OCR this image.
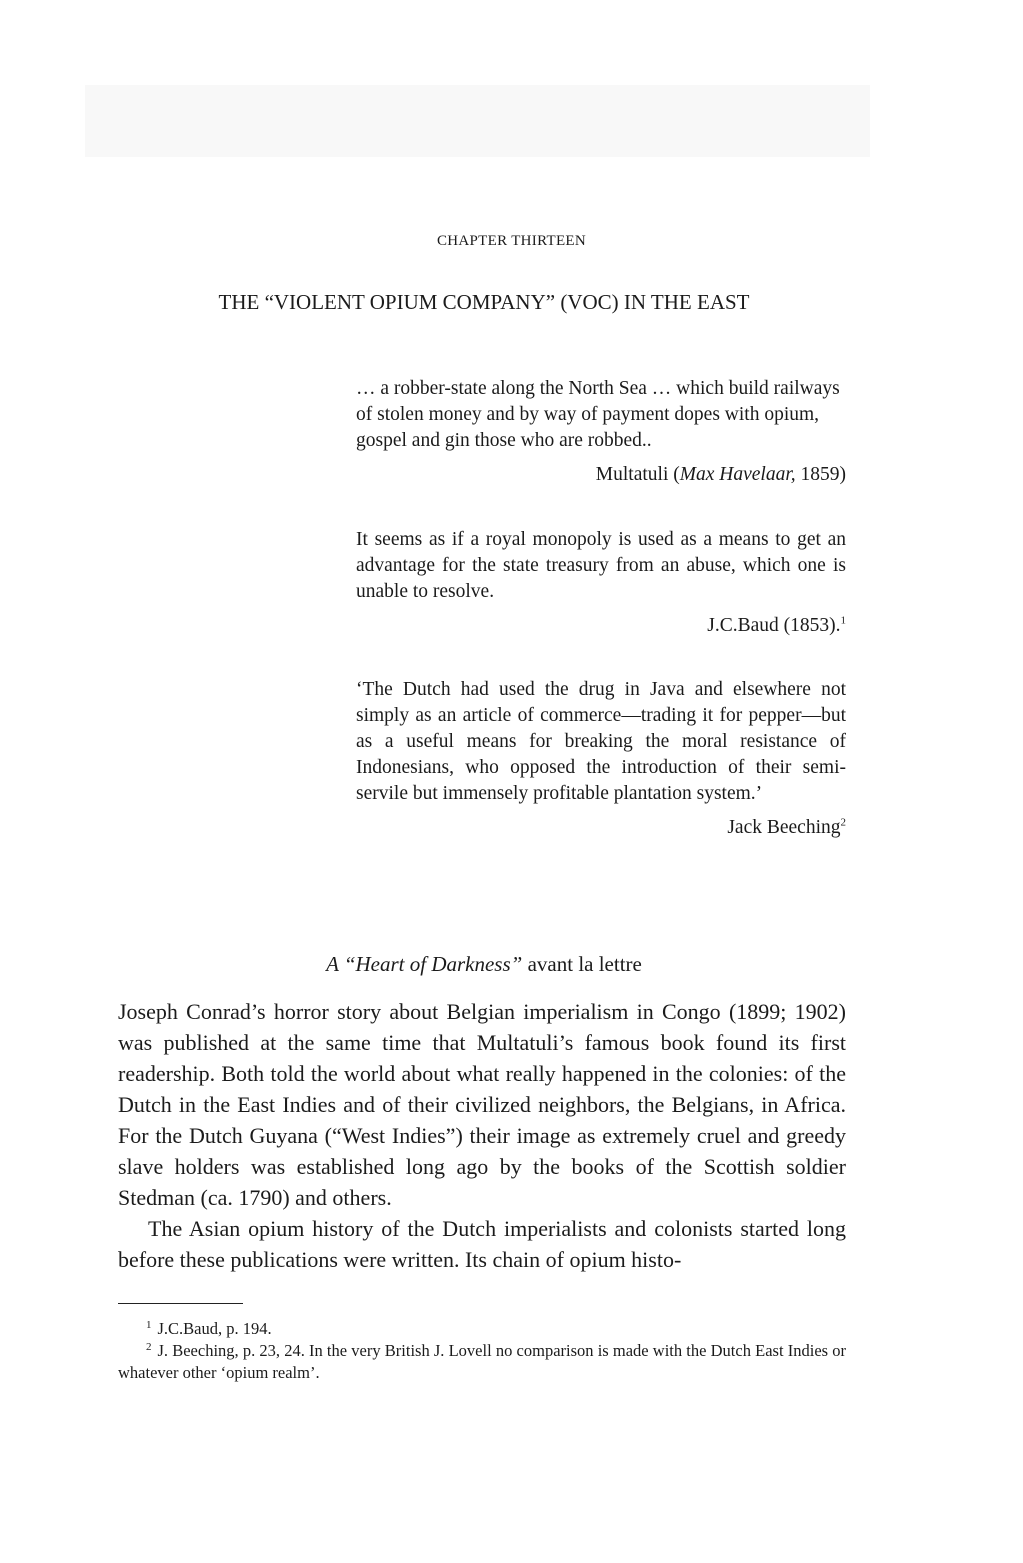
CHAPTER THIRTEEN
THE “VIOLENT OPIUM COMPANY” (VOC) IN THE EAST

… a robber-state along the North Sea … which build railways of stolen money and by way of payment dopes with opium, gospel and gin those who are robbed..

Multatuli (Max Havelaar, 1859)

It seems as if a royal monopoly is used as a means to get an advantage for the state treasury from an abuse, which one is unable to resolve.

J.C.Baud (1853).$^1$

‘The Dutch had used the drug in Java and elsewhere not simply as an article of commerce—trading it for pepper—but as a useful means for breaking the moral resistance of Indonesians, who opposed the introduction of their semi-servile but immensely profitable plantation system.’

Jack Beeching$^2$
A “Heart of Darkness” avant la lettre

Joseph Conrad’s horror story about Belgian imperialism in Congo (1899; 1902) was published at the same time that Multatuli’s famous book found its first readership. Both told the world about what really happened in the colonies: of the Dutch in the East Indies and of their civilized neighbors, the Belgians, in Africa. For the Dutch Guyana (“West Indies”) their image as extremely cruel and greedy slave holders was established long ago by the books of the Scottish soldier Stedman (ca. 1790) and others.

The Asian opium history of the Dutch imperialists and colonists started long before these publications were written. Its chain of opium histo-

$^1$ J.C.Baud, p. 194.

$^2$ J. Beeching, p. 23, 24. In the very British J. Lovell no comparison is made with the Dutch East Indies or whatever other ‘opium realm’.
